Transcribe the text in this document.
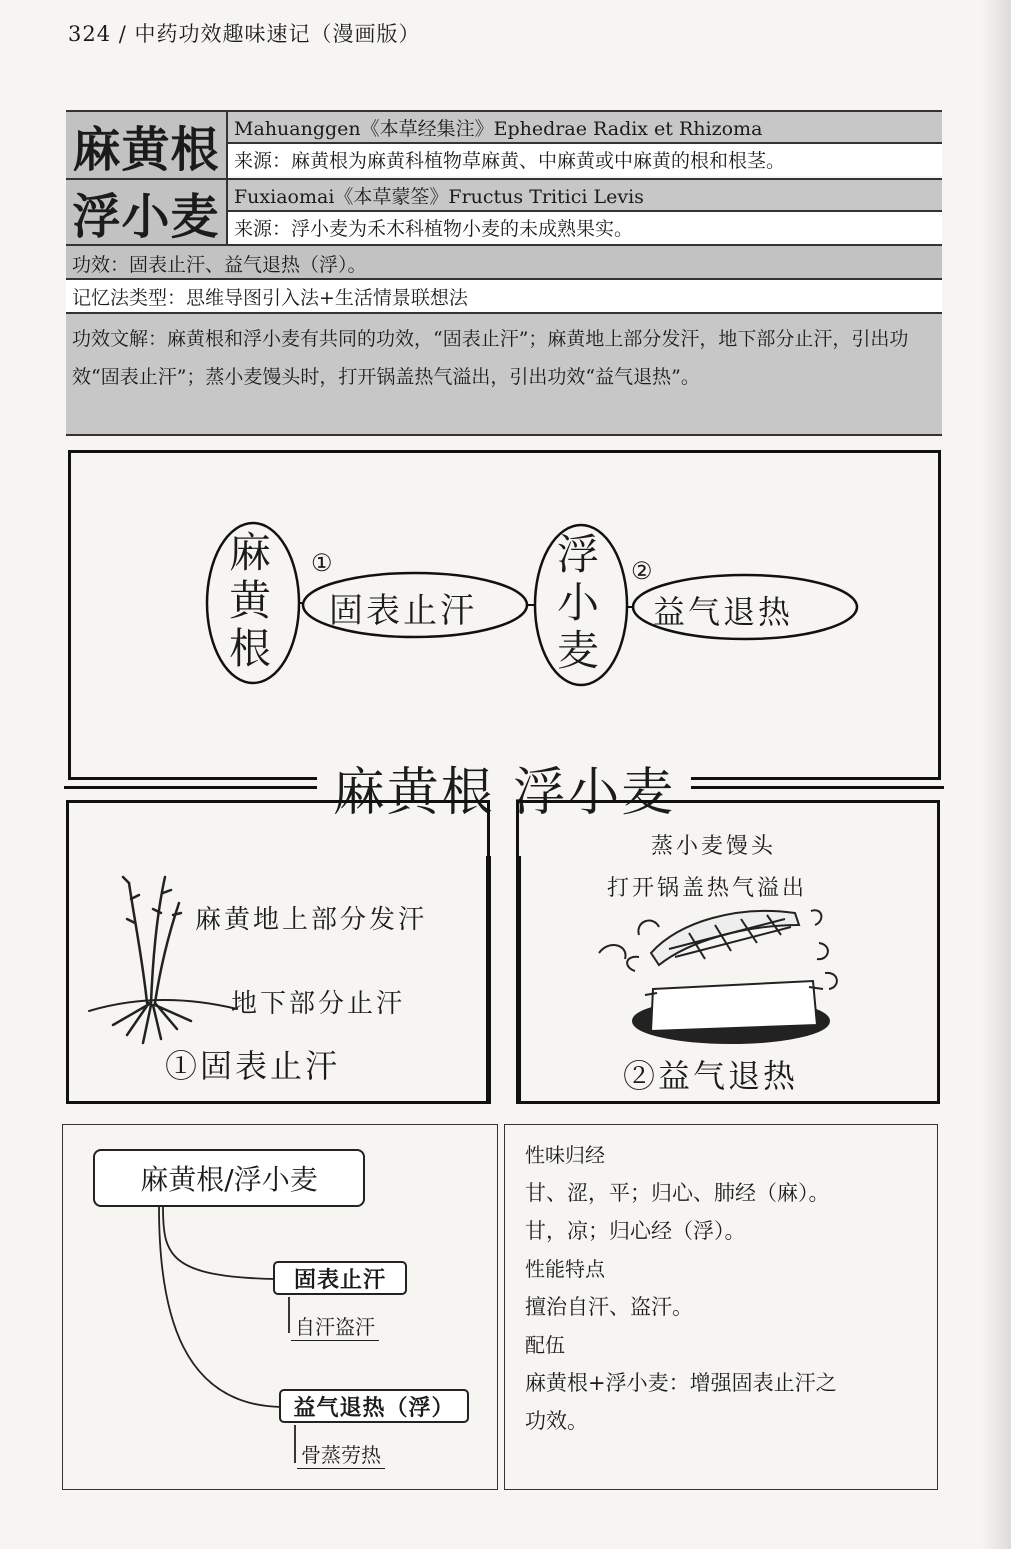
324 / 中药功效趣味速记（漫画版）
麻黄根 Mahuanggen《本草经集注》Ephedrae Radix et Rhizoma
来源：麻黄根为麻黄科植物草麻黄、中麻黄或中麻黄的根和根茎。
浮小麦 Fuxiaomai《本草蒙筌》Fructus Tritici Levis
来源：浮小麦为禾木科植物小麦的未成熟果实。
功效：固表止汗、益气退热（浮）。
记忆法类型：思维导图引入法+生活情景联想法
功效文解：麻黄根和浮小麦有共同的功效，“固表止汗”；麻黄地上部分发汗，地下部分止汗，引出功效“固表止汗”；蒸小麦馒头时，打开锅盖热气溢出，引出功效“益气退热”。
麻
黄
根
①
固表止汗
浮
小
麦
②
益气退热
麻黄根 浮小麦
麻黄地上部分发汗
地下部分止汗
①固表止汗
蒸小麦馒头
打开锅盖热气溢出
②益气退热
麻黄根/浮小麦
固表止汗
自汗盗汗
益气退热（浮）
骨蒸劳热
性味归经
甘、涩，平；归心、肺经（麻）。
甘，凉；归心经（浮）。
性能特点
擅治自汗、盗汗。
配伍
麻黄根+浮小麦：增强固表止汗之
功效。
